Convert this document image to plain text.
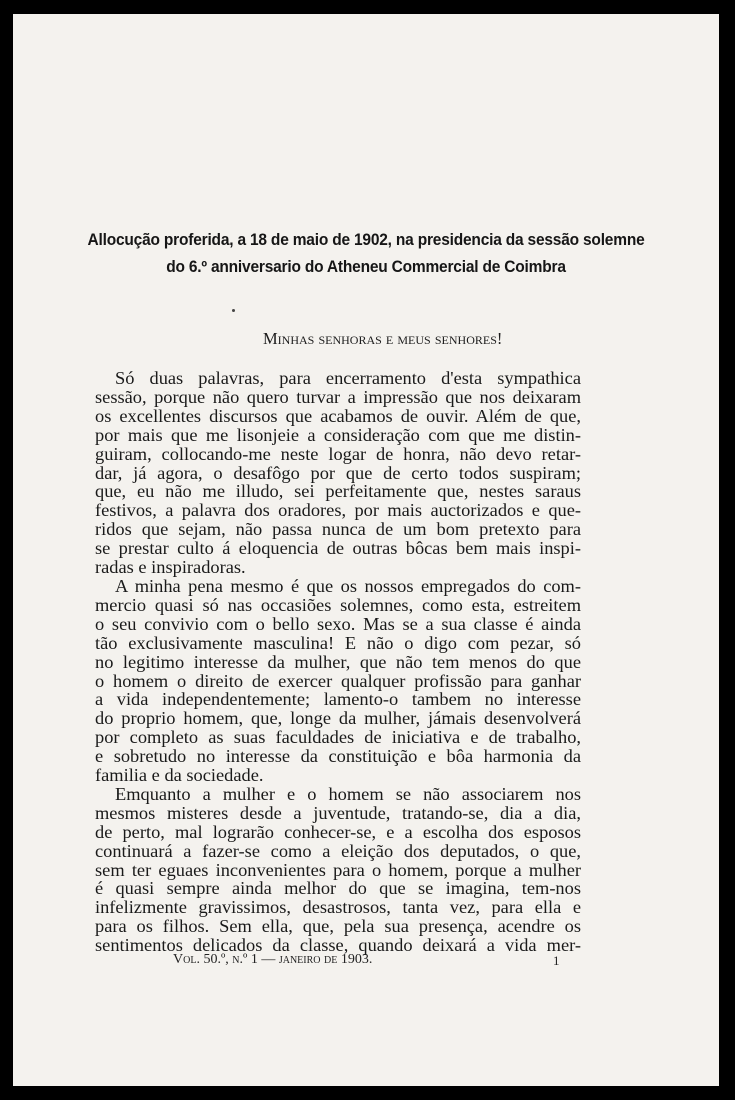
Allocução proferida, a 18 de maio de 1902, na presidencia da sessão solemne
do 6.º anniversario do Atheneu Commercial de Coimbra
Minhas senhoras e meus senhores!
Só duas palavras, para encerramento d'esta sympathica
sessão, porque não quero turvar a impressão que nos deixaram
os excellentes discursos que acabamos de ouvir. Além de que,
por mais que me lisonjeie a consideração com que me distin-
guiram, collocando-me neste logar de honra, não devo retar-
dar, já agora, o desafôgo por que de certo todos suspiram;
que, eu não me illudo, sei perfeitamente que, nestes saraus
festivos, a palavra dos oradores, por mais auctorizados e que-
ridos que sejam, não passa nunca de um bom pretexto para
se prestar culto á eloquencia de outras bôcas bem mais inspi-
radas e inspiradoras.
A minha pena mesmo é que os nossos empregados do com-
mercio quasi só nas occasiões solemnes, como esta, estreitem
o seu convivio com o bello sexo. Mas se a sua classe é ainda
tão exclusivamente masculina! E não o digo com pezar, só
no legitimo interesse da mulher, que não tem menos do que
o homem o direito de exercer qualquer profissão para ganhar
a vida independentemente; lamento-o tambem no interesse
do proprio homem, que, longe da mulher, jámais desenvolverá
por completo as suas faculdades de iniciativa e de trabalho,
e sobretudo no interesse da constituição e bôa harmonia da
familia e da sociedade.
Emquanto a mulher e o homem se não associarem nos
mesmos misteres desde a juventude, tratando-se, dia a dia,
de perto, mal lograrão conhecer-se, e a escolha dos esposos
continuará a fazer-se como a eleição dos deputados, o que,
sem ter eguaes inconvenientes para o homem, porque a mulher
é quasi sempre ainda melhor do que se imagina, tem-nos
infelizmente gravissimos, desastrosos, tanta vez, para ella e
para os filhos. Sem ella, que, pela sua presença, acendre os
sentimentos delicados da classe, quando deixará a vida mer-
Vol. 50.º, n.º 1 — janeiro de 1903.	1
